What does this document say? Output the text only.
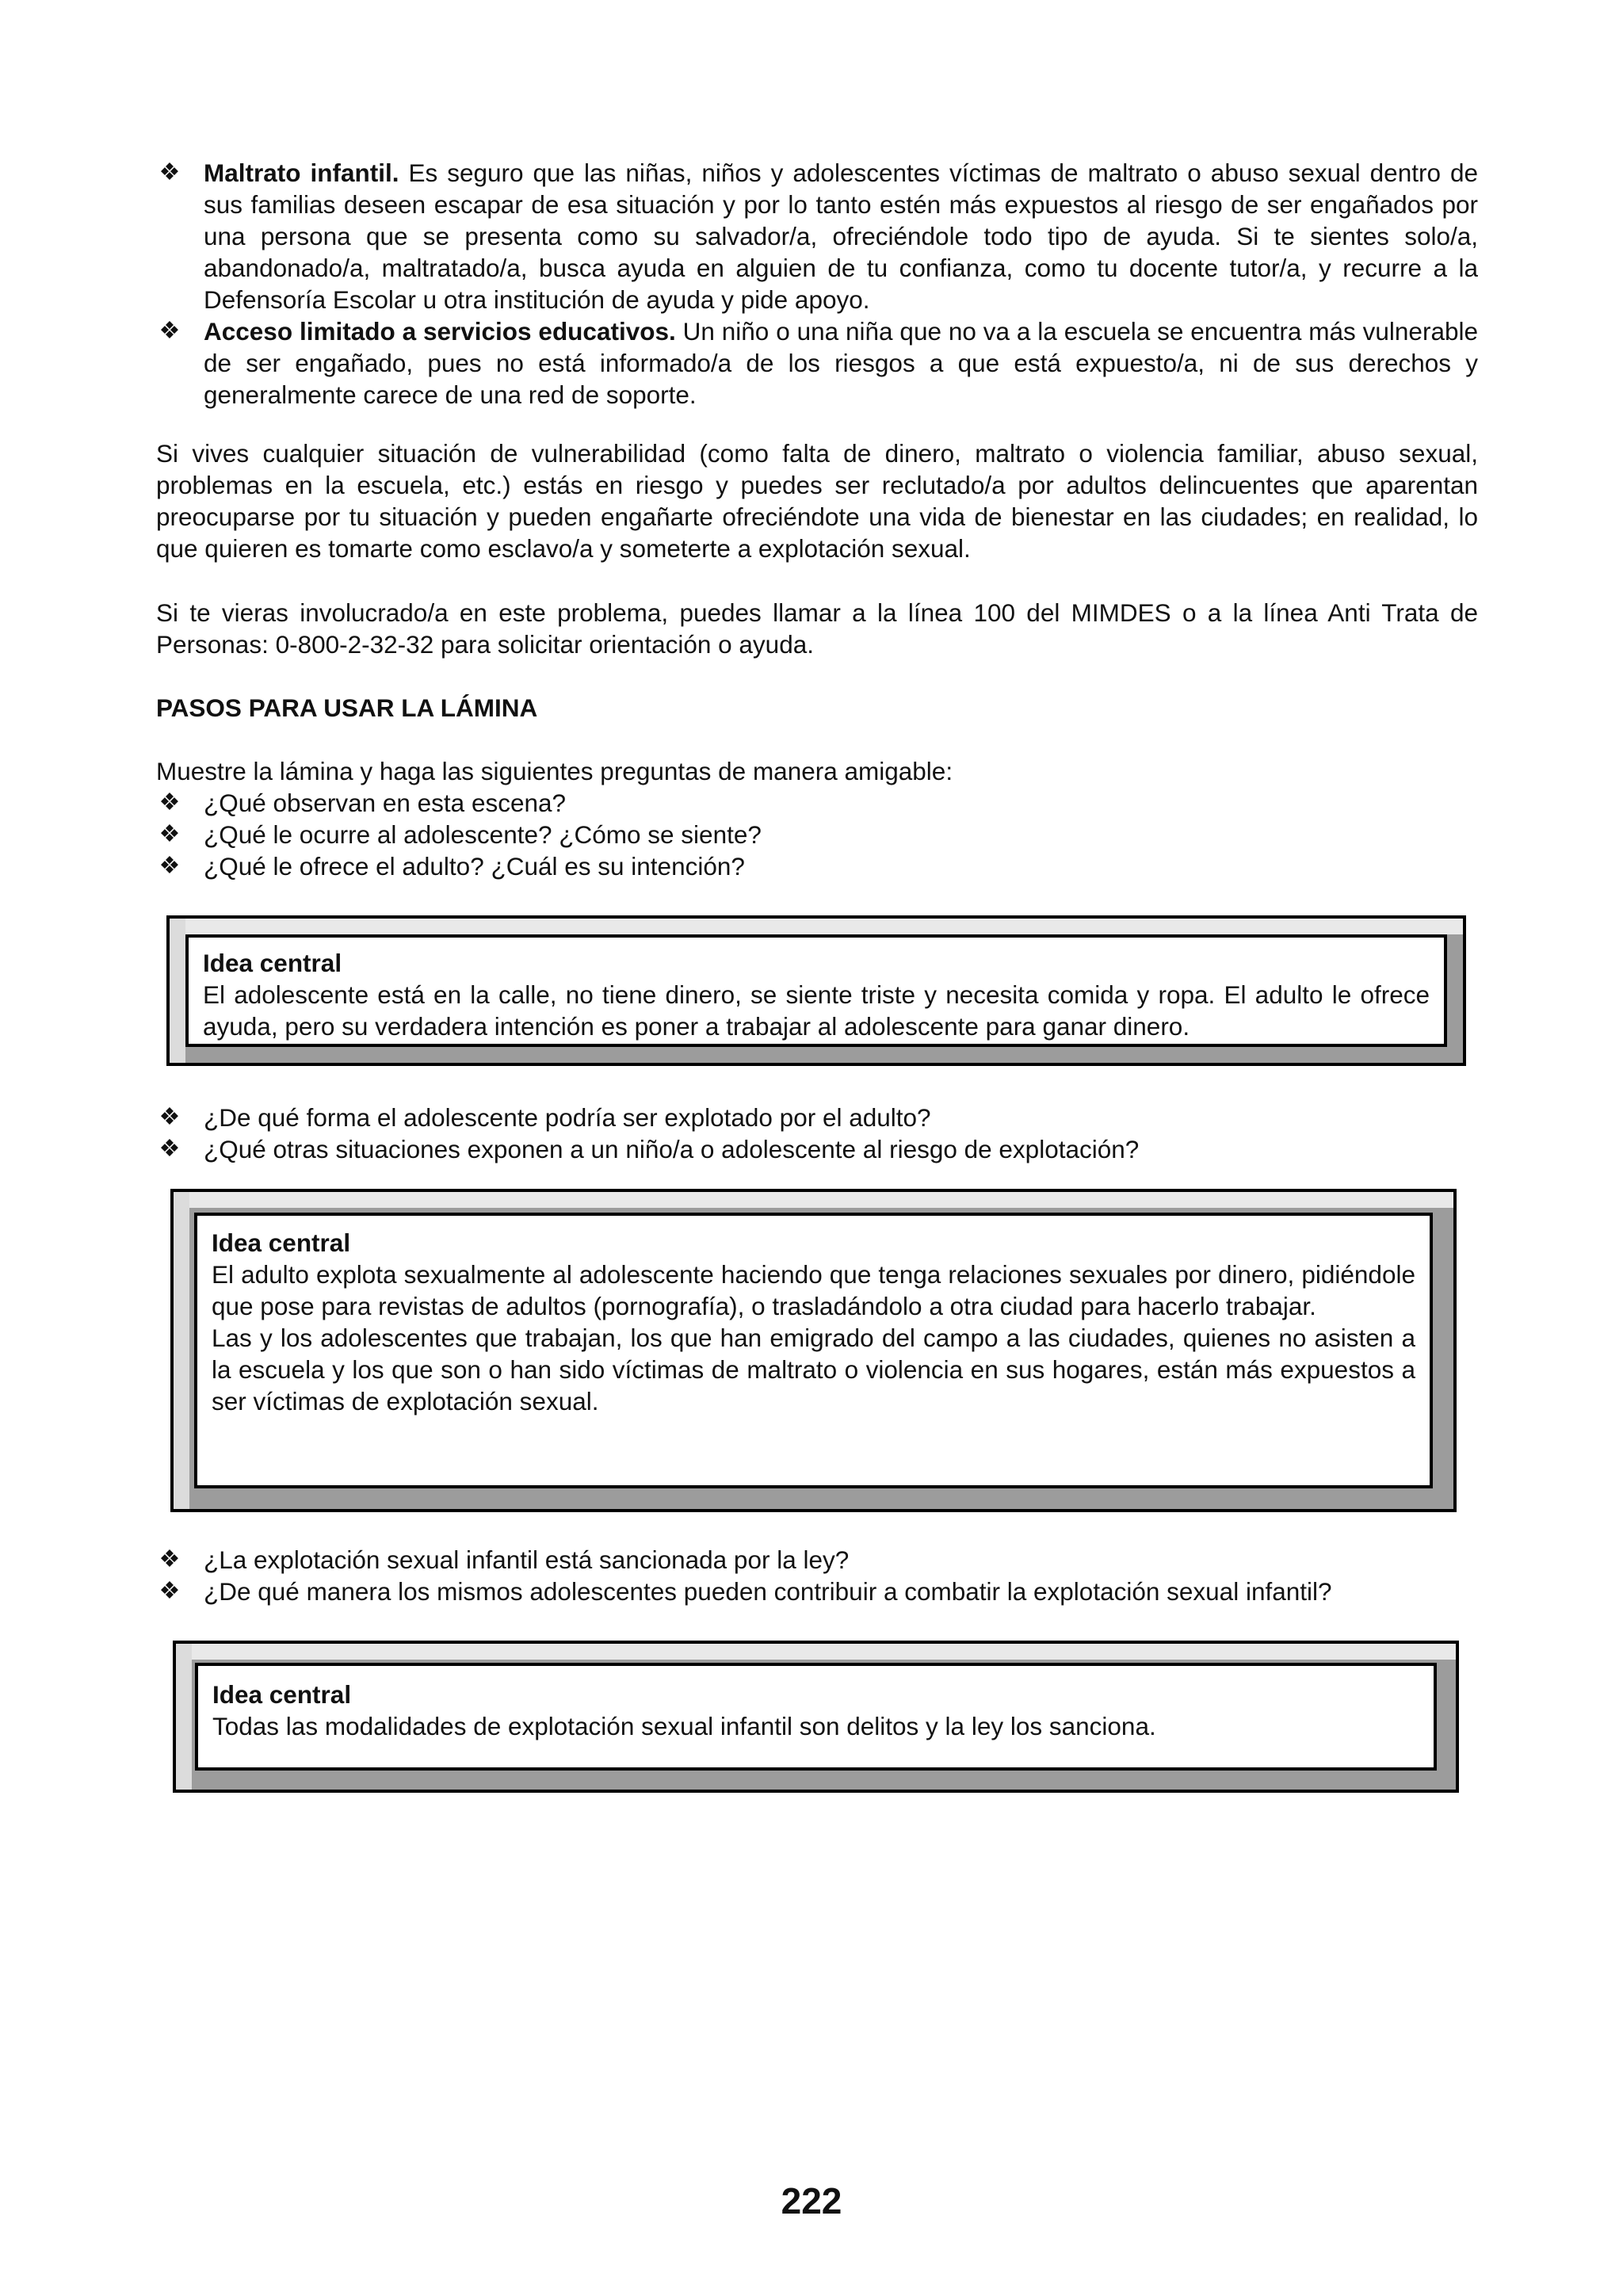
❖ Maltrato infantil. Es seguro que las niñas, niños y adolescentes víctimas de maltrato o abuso sexual dentro de sus familias deseen escapar de esa situación y por lo tanto estén más expuestos al riesgo de ser engañados por una persona que se presenta como su salvador/a, ofreciéndole todo tipo de ayuda. Si te sientes solo/a, abandonado/a, maltratado/a, busca ayuda en alguien de tu confianza, como tu docente tutor/a, y recurre a la Defensoría Escolar u otra institución de ayuda y pide apoyo.
❖ Acceso limitado a servicios educativos. Un niño o una niña que no va a la escuela se encuentra más vulnerable de ser engañado, pues no está informado/a de los riesgos a que está expuesto/a, ni de sus derechos y generalmente carece de una red de soporte.

Si vives cualquier situación de vulnerabilidad (como falta de dinero, maltrato o violencia familiar, abuso sexual, problemas en la escuela, etc.) estás en riesgo y puedes ser reclutado/a por adultos delincuentes que aparentan preocuparse por tu situación y pueden engañarte ofreciéndote una vida de bienestar en las ciudades; en realidad, lo que quieren es tomarte como esclavo/a y someterte a explotación sexual.

Si te vieras involucrado/a en este problema, puedes llamar a la línea 100 del MIMDES o a la línea Anti Trata de Personas: 0-800-2-32-32 para solicitar orientación o ayuda.

PASOS PARA USAR LA LÁMINA
Muestre la lámina y haga las siguientes preguntas de manera amigable:
❖ ¿Qué observan en esta escena?
❖ ¿Qué le ocurre al adolescente? ¿Cómo se siente?
❖ ¿Qué le ofrece el adulto? ¿Cuál es su intención?
Idea central
El adolescente está en la calle, no tiene dinero, se siente triste y necesita comida y ropa. El adulto le ofrece ayuda, pero su verdadera intención es poner a trabajar al adolescente para ganar dinero.
❖ ¿De qué forma el adolescente podría ser explotado por el adulto?
❖ ¿Qué otras situaciones exponen a un niño/a o adolescente al riesgo de explotación?
Idea central
El adulto explota sexualmente al adolescente haciendo que tenga relaciones sexuales por dinero, pidiéndole que pose para revistas de adultos (pornografía), o trasladándolo a otra ciudad para hacerlo trabajar.
Las y los adolescentes que trabajan, los que han emigrado del campo a las ciudades, quienes no asisten a la escuela y los que son o han sido víctimas de maltrato o violencia en sus hogares, están más expuestos a ser víctimas de explotación sexual.
❖ ¿La explotación sexual infantil está sancionada por la ley?
❖ ¿De qué manera los mismos adolescentes pueden contribuir a combatir la explotación sexual infantil?
Idea central
Todas las modalidades de explotación sexual infantil son delitos y la ley los sanciona.
222
